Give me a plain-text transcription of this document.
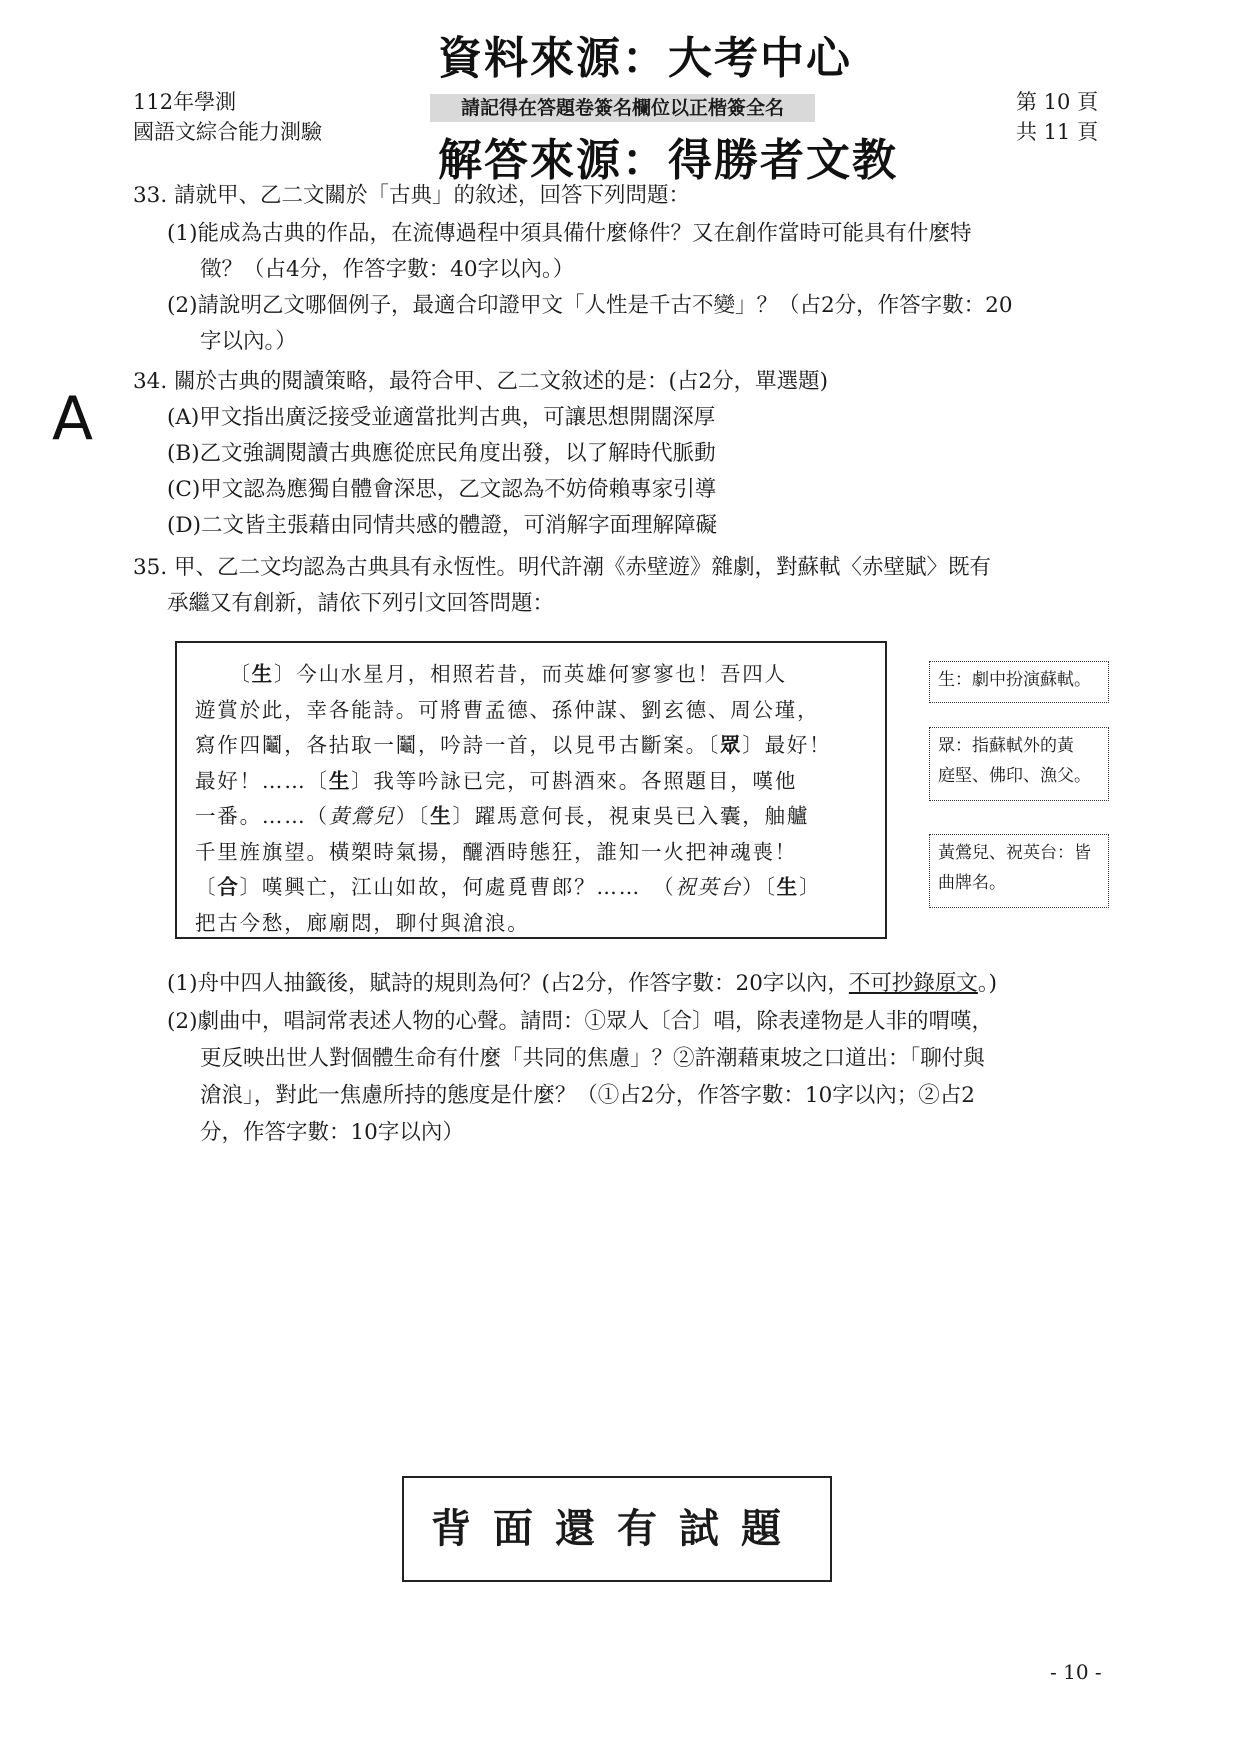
112年學測
國語文綜合能力測驗
第 10 頁
共 11 頁
請記得在答題卷簽名欄位以正楷簽全名
資料來源：大考中心
解答來源：得勝者文教
A
33. 請就甲、乙二文關於「古典」的敘述，回答下列問題：
(1)能成為古典的作品，在流傳過程中須具備什麼條件？又在創作當時可能具有什麼特
徵？（占4分，作答字數：40字以內。）
(2)請說明乙文哪個例子，最適合印證甲文「人性是千古不變」？（占2分，作答字數：20
字以內。）
34. 關於古典的閱讀策略，最符合甲、乙二文敘述的是：(占2分，單選題)
(A)甲文指出廣泛接受並適當批判古典，可讓思想開闊深厚
(B)乙文強調閱讀古典應從庶民角度出發，以了解時代脈動
(C)甲文認為應獨自體會深思，乙文認為不妨倚賴專家引導
(D)二文皆主張藉由同情共感的體證，可消解字面理解障礙
35. 甲、乙二文均認為古典具有永恆性。明代許潮《赤壁遊》雜劇，對蘇軾〈赤壁賦〉既有
承繼又有創新，請依下列引文回答問題：
　　〔生〕今山水星月，相照若昔，而英雄何寥寥也！吾四人
遊賞於此，幸各能詩。可將曹孟德、孫仲謀、劉玄德、周公瑾，
寫作四鬮，各拈取一鬮，吟詩一首，以見弔古斷案。〔眾〕最好！
最好！……〔生〕我等吟詠已完，可斟酒來。各照題目，嘆他
一番。……（黃鶯兒）〔生〕躍馬意何長，視東吳已入囊，舳艫
千里旌旗望。橫槊時氣揚，釃酒時態狂，誰知一火把神魂喪！
〔合〕嘆興亡，江山如故，何處覓曹郎？……　（祝英台）〔生〕
把古今愁，廊廟悶，聊付與滄浪。
生：劇中扮演蘇軾。
眾：指蘇軾外的黃
庭堅、佛印、漁父。
黃鶯兒、祝英台：皆
曲牌名。
(1)舟中四人抽籤後，賦詩的規則為何？(占2分，作答字數：20字以內，不可抄錄原文。)
(2)劇曲中，唱詞常表述人物的心聲。請問：①眾人〔合〕唱，除表達物是人非的喟嘆，
更反映出世人對個體生命有什麼「共同的焦慮」？②許潮藉東坡之口道出：「聊付與
滄浪」，對此一焦慮所持的態度是什麼？（①占2分，作答字數：10字以內；②占2
分，作答字數：10字以內）
背面還有試題
- 10 -
